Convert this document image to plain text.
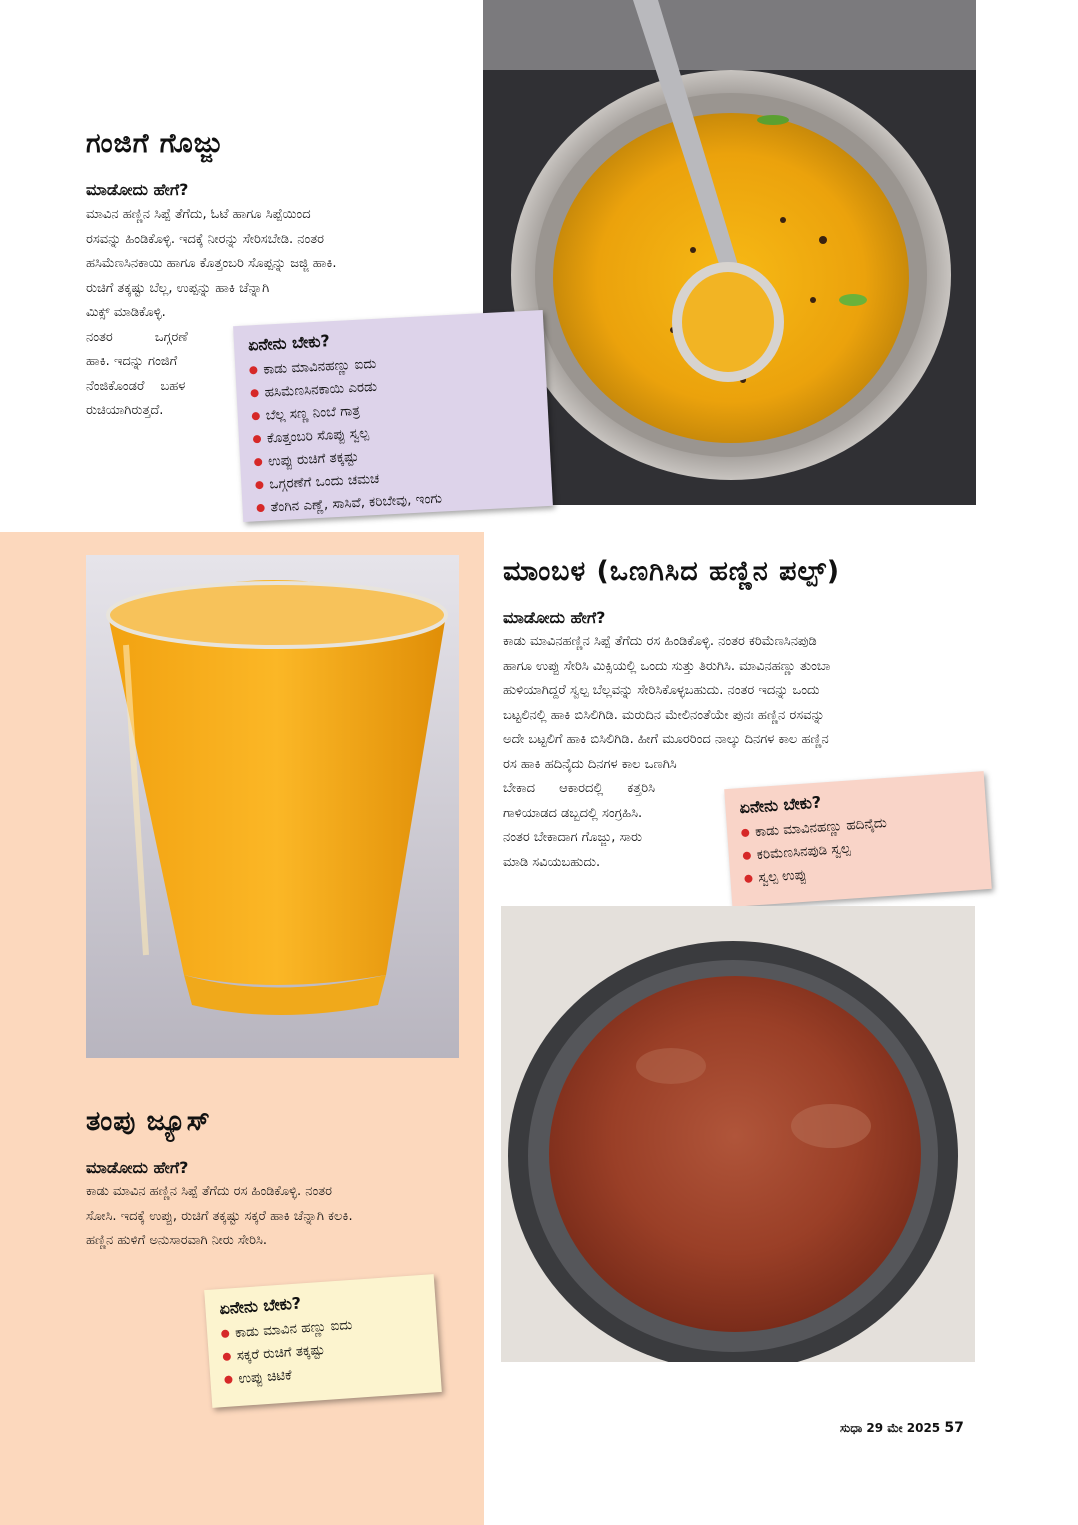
ಗಂಜಿಗೆ ಗೊಜ್ಜು
ಮಾಡೋದು ಹೇಗೆ?

ಮಾವಿನ ಹಣ್ಣಿನ ಸಿಪ್ಪೆ ತೆಗೆದು, ಓಟೆ ಹಾಗೂ ಸಿಪ್ಪೆಯಿಂದ

ರಸವನ್ನು ಹಿಂಡಿಕೊಳ್ಳಿ. ಇದಕ್ಕೆ ನೀರನ್ನು ಸೇರಿಸಬೇಡಿ. ನಂತರ

ಹಸಿಮೆಣಸಿನಕಾಯಿ ಹಾಗೂ ಕೊತ್ತಂಬರಿ ಸೊಪ್ಪನ್ನು ಜಜ್ಜಿ ಹಾಕಿ.

ರುಚಿಗೆ ತಕ್ಕಷ್ಟು ಬೆಲ್ಲ, ಉಪ್ಪನ್ನು ಹಾಕಿ ಚೆನ್ನಾಗಿ

ಮಿಕ್ಸ್ ಮಾಡಿಕೊಳ್ಳಿ.

ನಂತರ ಒಗ್ಗರಣೆ

ಹಾಕಿ. ಇದನ್ನು ಗಂಜಿಗೆ

ನೆಂಜಿಕೊಂಡರೆ ಬಹಳ

ರುಚಿಯಾಗಿರುತ್ತದೆ.

ಏನೇನು ಬೇಕು?
ಕಾಡು ಮಾವಿನಹಣ್ಣು ಐದು
ಹಸಿಮೆಣಸಿನಕಾಯಿ ಎರಡು
ಬೆಲ್ಲ ಸಣ್ಣ ನಿಂಬೆ ಗಾತ್ರ
ಕೊತ್ತಂಬರಿ ಸೊಪ್ಪು ಸ್ವಲ್ಪ
ಉಪ್ಪು ರುಚಿಗೆ ತಕ್ಕಷ್ಟು
ಒಗ್ಗರಣೆಗೆ ಒಂದು ಚಮಚ
ತೆಂಗಿನ ಎಣ್ಣೆ, ಸಾಸಿವೆ, ಕರಿಬೇವು, ಇಂಗು
ಮಾಂಬಳ (ಒಣಗಿಸಿದ ಹಣ್ಣಿನ ಪಲ್ಪ್)
ಮಾಡೋದು ಹೇಗೆ?

ಕಾಡು ಮಾವಿನಹಣ್ಣಿನ ಸಿಪ್ಪೆ ತೆಗೆದು ರಸ ಹಿಂಡಿಕೊಳ್ಳಿ. ನಂತರ ಕರಿಮೆಣಸಿನಪುಡಿ

ಹಾಗೂ ಉಪ್ಪು ಸೇರಿಸಿ ಮಿಕ್ಸಿಯಲ್ಲಿ ಒಂದು ಸುತ್ತು ತಿರುಗಿಸಿ. ಮಾವಿನಹಣ್ಣು ತುಂಬಾ

ಹುಳಿಯಾಗಿದ್ದರೆ ಸ್ವಲ್ಪ ಬೆಲ್ಲವನ್ನು ಸೇರಿಸಿಕೊಳ್ಳಬಹುದು. ನಂತರ ಇದನ್ನು ಒಂದು

ಬಟ್ಟಲಿನಲ್ಲಿ ಹಾಕಿ ಬಿಸಿಲಿಗಿಡಿ. ಮರುದಿನ ಮೇಲಿನಂತೆಯೇ ಪುನಃ ಹಣ್ಣಿನ ರಸವನ್ನು

ಅದೇ ಬಟ್ಟಲಿಗೆ ಹಾಕಿ ಬಿಸಿಲಿಗಿಡಿ. ಹೀಗೆ ಮೂರರಿಂದ ನಾಲ್ಕು ದಿನಗಳ ಕಾಲ ಹಣ್ಣಿನ

ರಸ ಹಾಕಿ ಹದಿನೈದು ದಿನಗಳ ಕಾಲ ಒಣಗಿಸಿ

ಬೇಕಾದ ಆಕಾರದಲ್ಲಿ ಕತ್ತರಿಸಿ

ಗಾಳಿಯಾಡದ ಡಬ್ಬದಲ್ಲಿ ಸಂಗ್ರಹಿಸಿ.

ನಂತರ ಬೇಕಾದಾಗ ಗೊಜ್ಜು, ಸಾರು

ಮಾಡಿ ಸವಿಯಬಹುದು.

ಏನೇನು ಬೇಕು?
ಕಾಡು ಮಾವಿನಹಣ್ಣು ಹದಿನೈದು
ಕರಿಮೆಣಸಿನಪುಡಿ ಸ್ವಲ್ಪ
ಸ್ವಲ್ಪ ಉಪ್ಪು
ತಂಪು ಜ್ಯೂಸ್
ಮಾಡೋದು ಹೇಗೆ?

ಕಾಡು ಮಾವಿನ ಹಣ್ಣಿನ ಸಿಪ್ಪೆ ತೆಗೆದು ರಸ ಹಿಂಡಿಕೊಳ್ಳಿ. ನಂತರ

ಸೋಸಿ. ಇದಕ್ಕೆ ಉಪ್ಪು, ರುಚಿಗೆ ತಕ್ಕಷ್ಟು ಸಕ್ಕರೆ ಹಾಕಿ ಚೆನ್ನಾಗಿ ಕಲಕಿ.

ಹಣ್ಣಿನ ಹುಳಿಗೆ ಅನುಸಾರವಾಗಿ ನೀರು ಸೇರಿಸಿ.

ಏನೇನು ಬೇಕು?
ಕಾಡು ಮಾವಿನ ಹಣ್ಣು ಐದು
ಸಕ್ಕರೆ ರುಚಿಗೆ ತಕ್ಕಷ್ಟು
ಉಪ್ಪು ಚಿಟಿಕೆ
ಸುಧಾ 29 ಮೇ 2025 57
